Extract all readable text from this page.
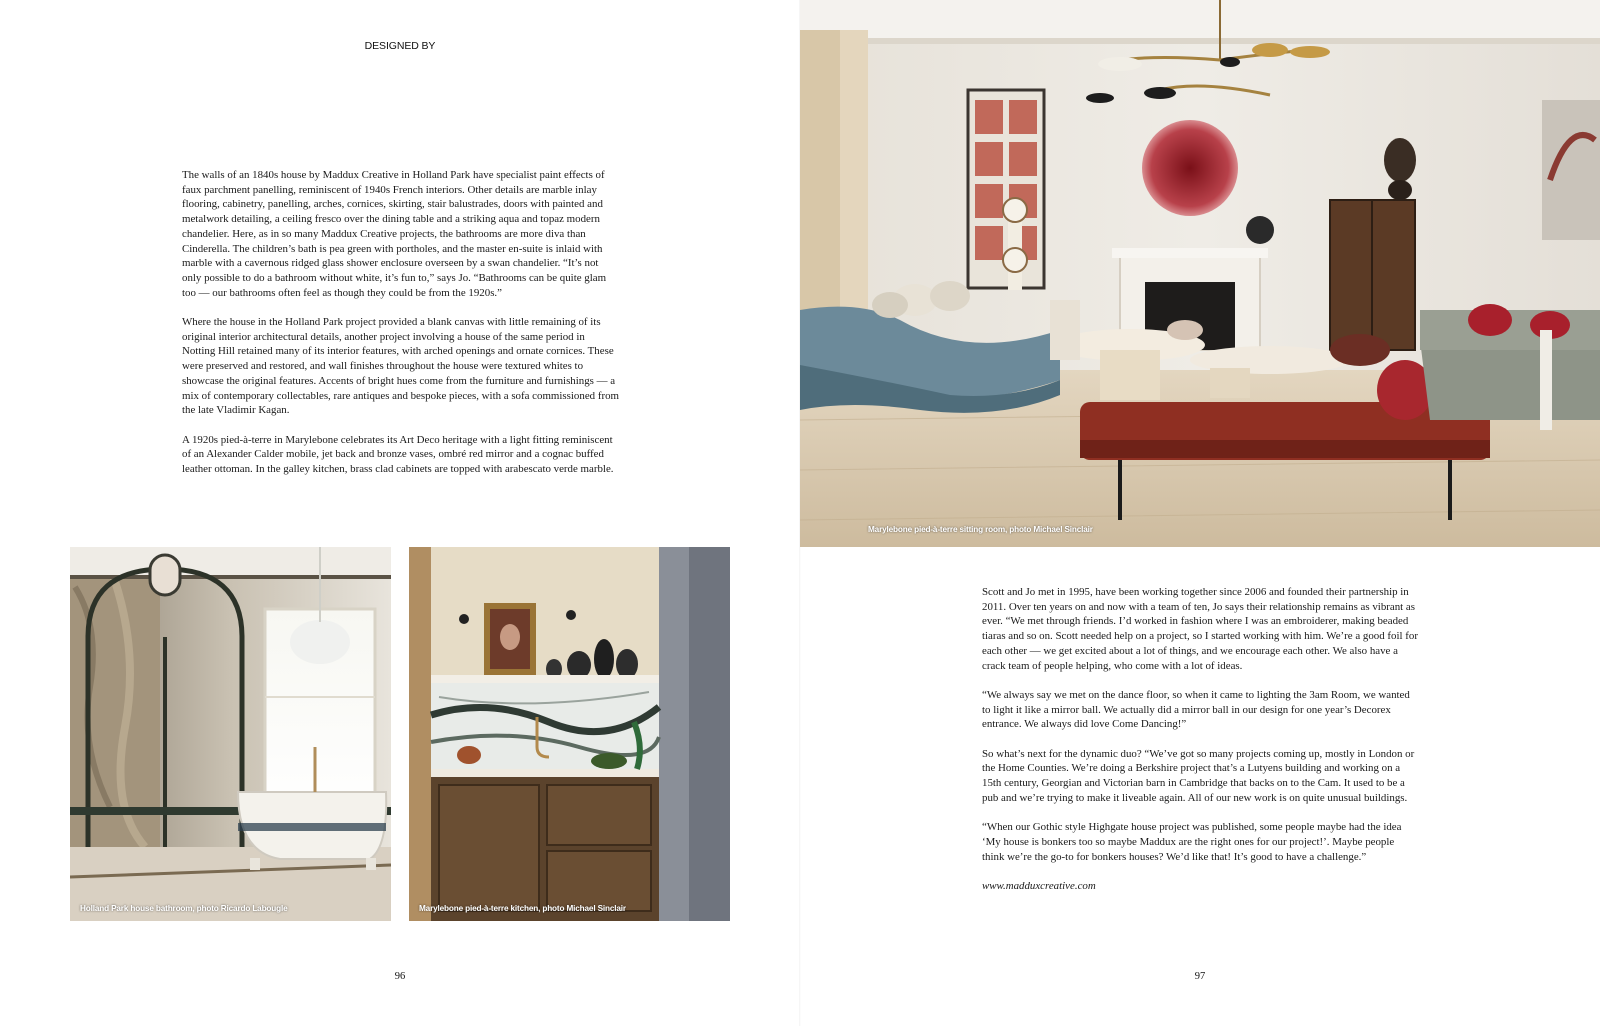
DESIGNED BY

The walls of an 1840s house by Maddux Creative in Holland Park have specialist paint effects of faux parchment panelling, reminiscent of 1940s French interiors. Other details are marble inlay flooring, cabinetry, panelling, arches, cornices, skirting, stair balustrades, doors with painted and metalwork detailing, a ceiling fresco over the dining table and a striking aqua and topaz modern chandelier. Here, as in so many Maddux Creative projects, the bathrooms are more diva than Cinderella. The children’s bath is pea green with portholes, and the master en-suite is inlaid with marble with a cavernous ridged glass shower enclosure overseen by a swan chandelier. “It’s not only possible to do a bathroom without white, it’s fun to,” says Jo. “Bathrooms can be quite glam too — our bathrooms often feel as though they could be from the 1920s.”

Where the house in the Holland Park project provided a blank canvas with little remaining of its original interior architectural details, another project involving a house of the same period in Notting Hill retained many of its interior features, with arched openings and ornate cornices. These were preserved and restored, and wall finishes throughout the house were textured whites to showcase the original features. Accents of bright hues come from the furniture and furnishings — a mix of contemporary collectables, rare antiques and bespoke pieces, with a sofa commissioned from the late Vladimir Kagan.

A 1920s pied-à-terre in Marylebone celebrates its Art Deco heritage with a light fitting reminiscent of an Alexander Calder mobile, jet back and bronze vases, ombré red mirror and a cognac buffed leather ottoman. In the galley kitchen, brass clad cabinets are topped with arabescato verde marble.

Holland Park house bathroom, photo Ricardo Labougle	Marylebone pied-à-terre kitchen, photo Michael Sinclair
96
Marylebone pied-à-terre sitting room, photo Michael Sinclair

Scott and Jo met in 1995, have been working together since 2006 and founded their partnership in 2011. Over ten years on and now with a team of ten, Jo says their relationship remains as vibrant as ever. “We met through friends. I’d worked in fashion where I was an embroiderer, making beaded tiaras and so on. Scott needed help on a project, so I started working with him. We’re a good foil for each other — we get excited about a lot of things, and we encourage each other. We also have a crack team of people helping, who come with a lot of ideas.

“We always say we met on the dance floor, so when it came to lighting the 3am Room, we wanted to light it like a mirror ball. We actually did a mirror ball in our design for one year’s Decorex entrance. We always did love Come Dancing!”

So what’s next for the dynamic duo? “We’ve got so many projects coming up, mostly in London or the Home Counties. We’re doing a Berkshire project that’s a Lutyens building and working on a 15th century, Georgian and Victorian barn in Cambridge that backs on to the Cam. It used to be a pub and we’re trying to make it liveable again. All of our new work is on quite unusual buildings.

“When our Gothic style Highgate house project was published, some people maybe had the idea ‘My house is bonkers too so maybe Maddux are the right ones for our project!’. Maybe people think we’re the go-to for bonkers houses? We’d like that! It’s good to have a challenge.”

www.madduxcreative.com

97
